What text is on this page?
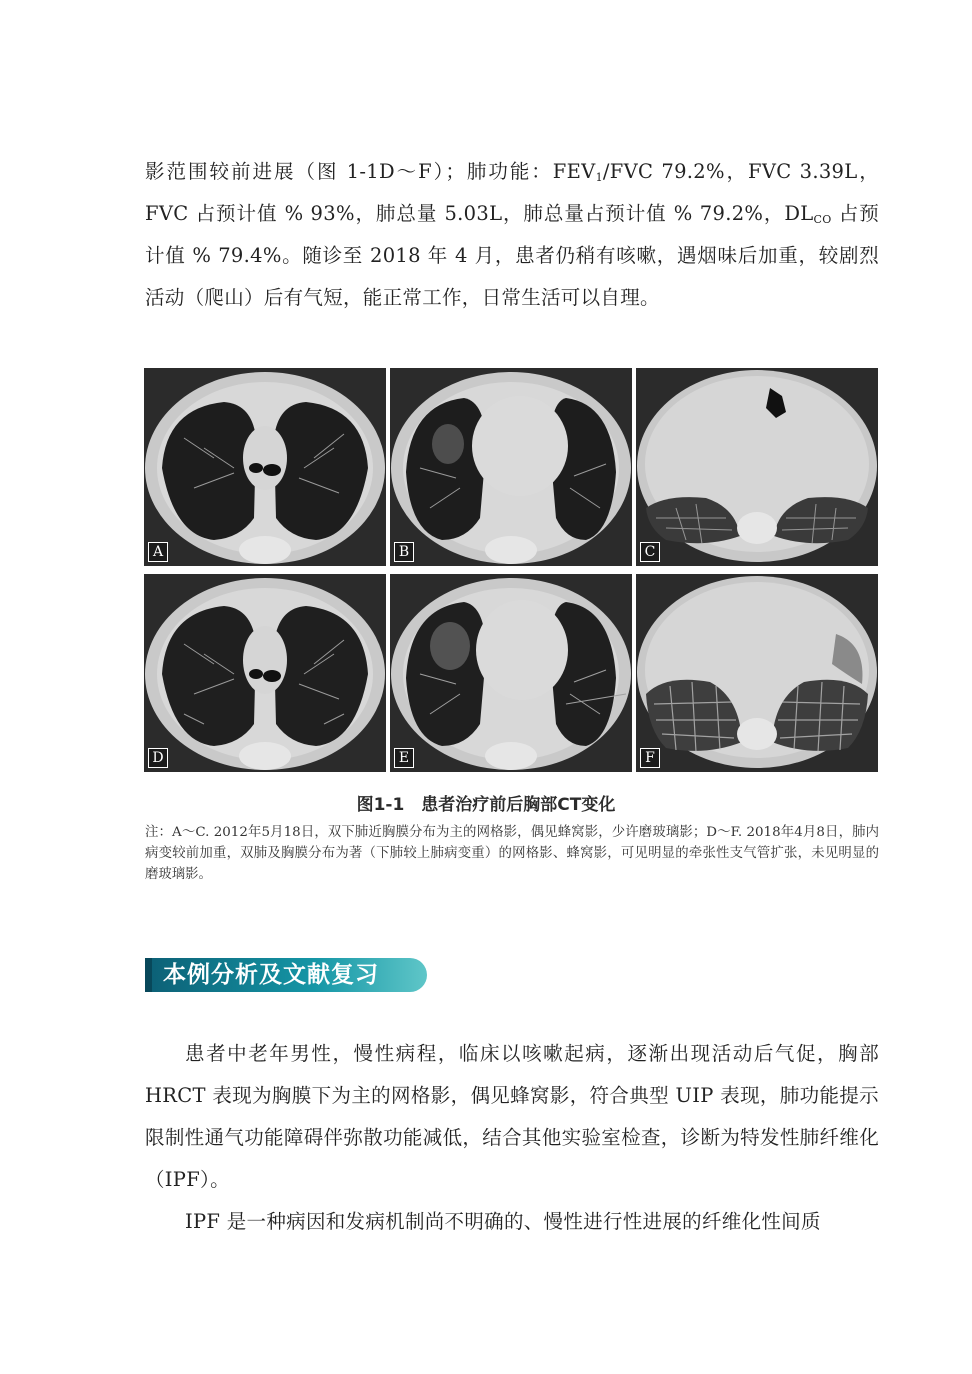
影范围较前进展（图 1-1D～F）；肺功能：$FEV_1$/FVC 79.2%，FVC 3.39L，FVC 占预计值 % 93%，肺总量 5.03L，肺总量占预计值 % 79.2%，$DL_{CO}$ 占预计值 % 79.4%。随诊至 2018 年 4 月，患者仍稍有咳嗽，遇烟味后加重，较剧烈活动（爬山）后有气短，能正常工作，日常生活可以自理。

A	B	C
D	E	F

图1-1　患者治疗前后胸部CT变化

注：A～C. 2012年5月18日，双下肺近胸膜分布为主的网格影，偶见蜂窝影，少许磨玻璃影；D～F. 2018年4月8日，肺内病变较前加重，双肺及胸膜分布为著（下肺较上肺病变重）的网格影、蜂窝影，可见明显的牵张性支气管扩张，未见明显的磨玻璃影。

本例分析及文献复习

患者中老年男性，慢性病程，临床以咳嗽起病，逐渐出现活动后气促，胸部 HRCT 表现为胸膜下为主的网格影，偶见蜂窝影，符合典型 UIP 表现，肺功能提示限制性通气功能障碍伴弥散功能减低，结合其他实验室检查，诊断为特发性肺纤维化（IPF）。

IPF 是一种病因和发病机制尚不明确的、慢性进行性进展的纤维化性间质
